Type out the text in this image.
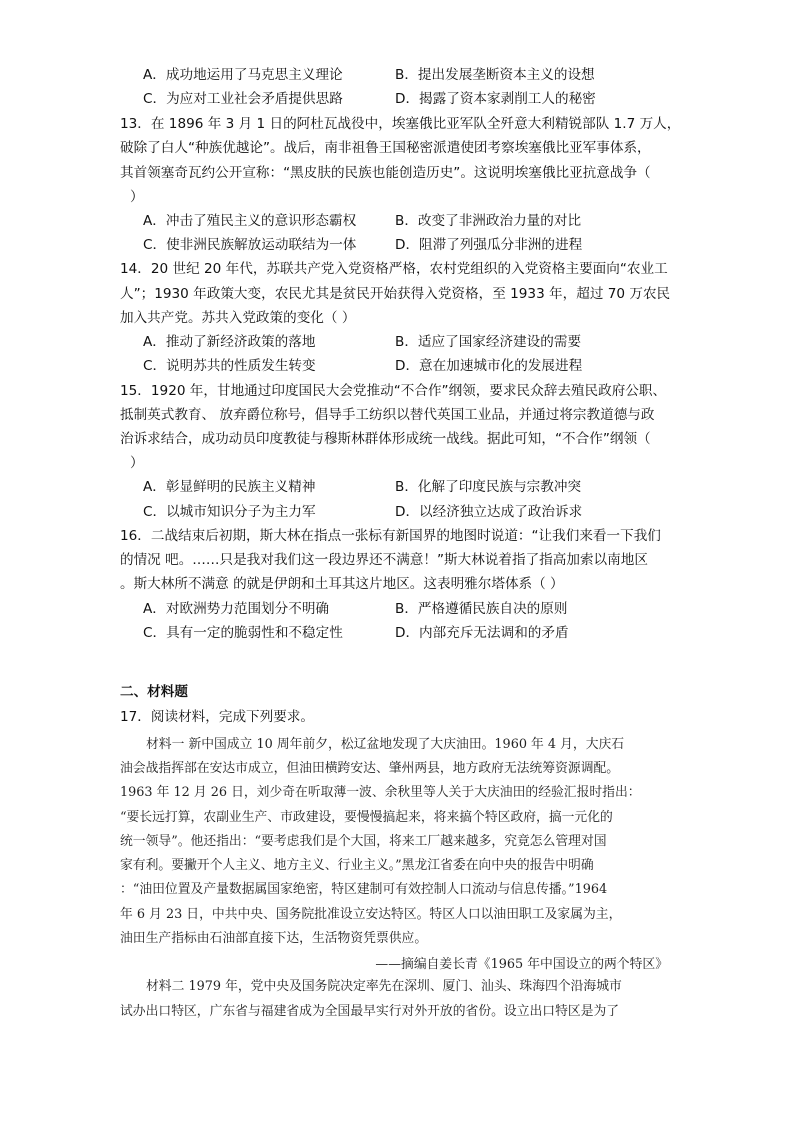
A．成功地运用了马克思主义理论	B．提出发展垄断资本主义的设想
C．为应对工业社会矛盾提供思路	D．揭露了资本家剥削工人的秘密
13．在 1896 年 3 月 1 日的阿杜瓦战役中，埃塞俄比亚军队全歼意大利精锐部队 1.7 万人，
破除了白人“种族优越论”。战后，南非祖鲁王国秘密派遣使团考察埃塞俄比亚军事体系，
其首领塞奇瓦约公开宣称：“黑皮肤的民族也能创造历史”。这说明埃塞俄比亚抗意战争（
）
A．冲击了殖民主义的意识形态霸权	B．改变了非洲政治力量的对比
C．使非洲民族解放运动联结为一体	D．阻滞了列强瓜分非洲的进程
14．20 世纪 20 年代，苏联共产党入党资格严格，农村党组织的入党资格主要面向“农业工
人”；1930 年政策大变，农民尤其是贫民开始获得入党资格，至 1933 年，超过 70 万农民
加入共产党。苏共入党政策的变化（ ）
A．推动了新经济政策的落地	B．适应了国家经济建设的需要
C．说明苏共的性质发生转变	D．意在加速城市化的发展进程
15．1920 年，甘地通过印度国民大会党推动“不合作”纲领，要求民众辞去殖民政府公职、
抵制英式教育、 放弃爵位称号，倡导手工纺织以替代英国工业品，并通过将宗教道德与政
治诉求结合，成功动员印度教徒与穆斯林群体形成统一战线。据此可知，“不合作”纲领（
）
A．彰显鲜明的民族主义精神	B．化解了印度民族与宗教冲突
C．以城市知识分子为主力军	D．以经济独立达成了政治诉求
16．二战结束后初期，斯大林在指点一张标有新国界的地图时说道：“让我们来看一下我们
的情况 吧。……只是我对我们这一段边界还不满意！”斯大林说着指了指高加索以南地区
。斯大林所不满意 的就是伊朗和土耳其这片地区。这表明雅尔塔体系（ ）
A．对欧洲势力范围划分不明确	B．严格遵循民族自决的原则
C．具有一定的脆弱性和不稳定性	D．内部充斥无法调和的矛盾
二、材料题
17．阅读材料，完成下列要求。
材料一 新中国成立 10 周年前夕，松辽盆地发现了大庆油田。1960 年 4 月，大庆石
油会战指挥部在安达市成立，但油田横跨安达、肇州两县，地方政府无法统筹资源调配。
1963 年 12 月 26 日，刘少奇在听取薄一波、余秋里等人关于大庆油田的经验汇报时指出：
“要长远打算，农副业生产、市政建设，要慢慢搞起来，将来搞个特区政府，搞一元化的
统一领导”。他还指出：“要考虑我们是个大国，将来工厂越来越多，究竟怎么管理对国
家有利。要撇开个人主义、地方主义、行业主义。”黑龙江省委在向中央的报告中明确
：“油田位置及产量数据属国家绝密，特区建制可有效控制人口流动与信息传播。”1964
年 6 月 23 日，中共中央、国务院批准设立安达特区。特区人口以油田职工及家属为主，
油田生产指标由石油部直接下达，生活物资凭票供应。
——摘编自姜长青《1965 年中国设立的两个特区》
材料二 1979 年，党中央及国务院决定率先在深圳、厦门、汕头、珠海四个沿海城市
试办出口特区，广东省与福建省成为全国最早实行对外开放的省份。设立出口特区是为了
